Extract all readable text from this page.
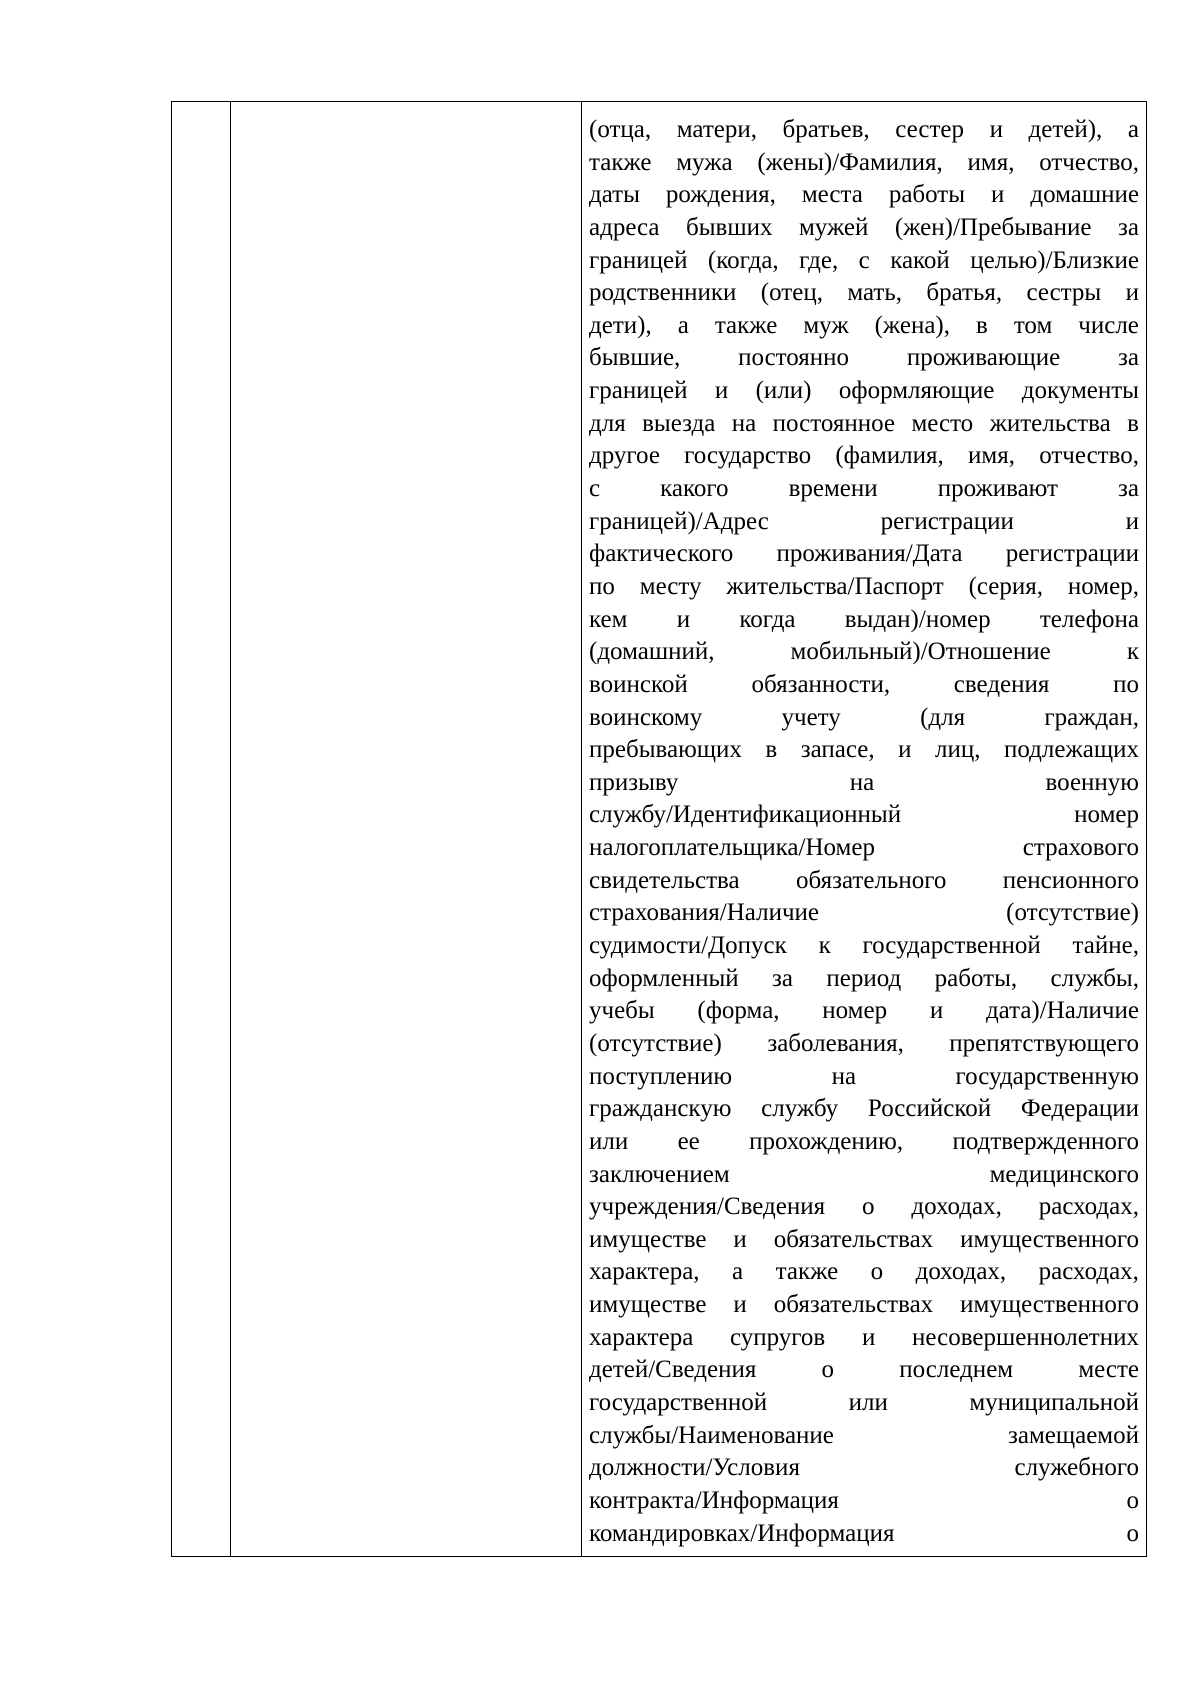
(отца, матери, братьев, сестер и детей), а
также мужа (жены)/Фамилия, имя, отчество,
даты рождения, места работы и домашние
адреса бывших мужей (жен)/Пребывание за
границей (когда, где, с какой целью)/Близкие
родственники (отец, мать, братья, сестры и
дети), а также муж (жена), в том числе
бывшие, постоянно проживающие за
границей и (или) оформляющие документы
для выезда на постоянное место жительства в
другое государство (фамилия, имя, отчество,
с какого времени проживают за
границей)/Адрес	регистрации	и
фактического проживания/Дата регистрации
по месту жительства/Паспорт (серия, номер,
кем и когда выдан)/номер телефона
(домашний,	мобильный)/Отношение	к
воинской	обязанности,	сведения	по
воинскому	учету	(для	граждан,
пребывающих в запасе, и лиц, подлежащих
призыву	на	военную
службу/Идентификационный	номер
налогоплательщика/Номер	страхового
свидетельства обязательного пенсионного
страхования/Наличие	(отсутствие)
судимости/Допуск к государственной тайне,
оформленный за период работы, службы,
учебы (форма, номер и дата)/Наличие
(отсутствие) заболевания, препятствующего
поступлению	на	государственную
гражданскую службу Российской Федерации
или ее прохождению, подтвержденного
заключением	медицинского
учреждения/Сведения о доходах, расходах,
имуществе и обязательствах имущественного
характера, а также о доходах, расходах,
имуществе и обязательствах имущественного
характера супругов и несовершеннолетних
детей/Сведения	о	последнем	месте
государственной	или	муниципальной
службы/Наименование	замещаемой
должности/Условия	служебного
контракта/Информация	о
командировках/Информация	о
